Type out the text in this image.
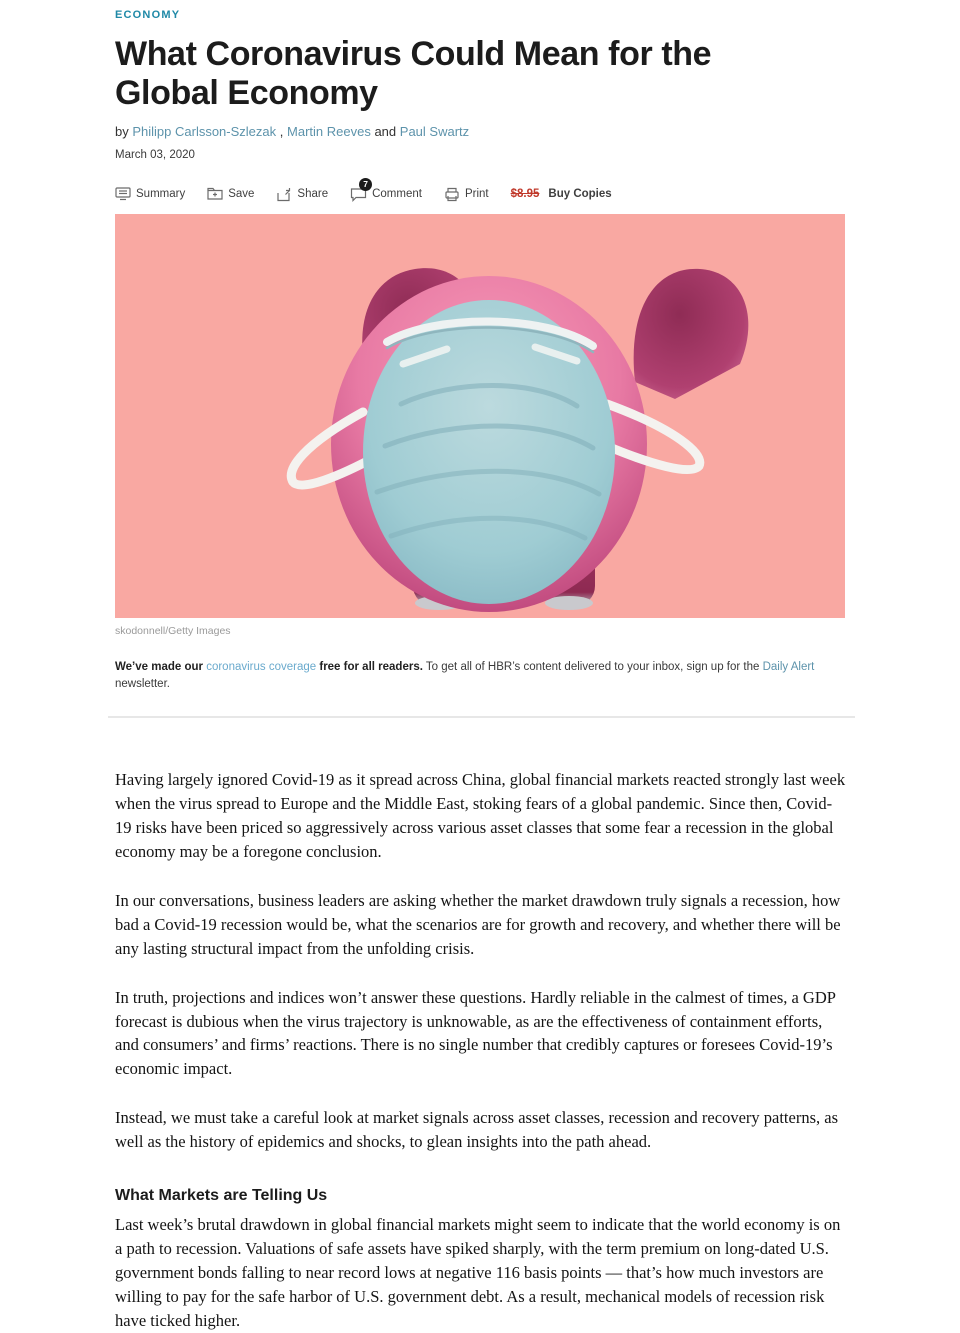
ECONOMY
What Coronavirus Could Mean for the Global Economy
by Philipp Carlsson-Szlezak , Martin Reeves and Paul Swartz
March 03, 2020
Summary	Save	Share
7
Comment	Print $8.95 Buy Copies
skodonnell/Getty Images
We’ve made our coronavirus coverage free for all readers. To get all of HBR’s content delivered to your inbox, sign up for the Daily Alert newsletter.

Having largely ignored Covid-19 as it spread across China, global financial markets reacted strongly last week when the virus spread to Europe and the Middle East, stoking fears of a global pandemic. Since then, Covid-19 risks have been priced so aggressively across various asset classes that some fear a recession in the global economy may be a foregone conclusion.

In our conversations, business leaders are asking whether the market drawdown truly signals a recession, how bad a Covid-19 recession would be, what the scenarios are for growth and recovery, and whether there will be any lasting structural impact from the unfolding crisis.

In truth, projections and indices won’t answer these questions. Hardly reliable in the calmest of times, a GDP forecast is dubious when the virus trajectory is unknowable, as are the effectiveness of containment efforts, and consumers’ and firms’ reactions. There is no single number that credibly captures or foresees Covid-19’s economic impact.

Instead, we must take a careful look at market signals across asset classes, recession and recovery patterns, as well as the history of epidemics and shocks, to glean insights into the path ahead.

What Markets are Telling Us

Last week’s brutal drawdown in global financial markets might seem to indicate that the world economy is on a path to recession. Valuations of safe assets have spiked sharply, with the term premium on long-dated U.S. government bonds falling to near record lows at negative 116 basis points — that’s how much investors are willing to pay for the safe harbor of U.S. government debt. As a result, mechanical models of recession risk have ticked higher.
